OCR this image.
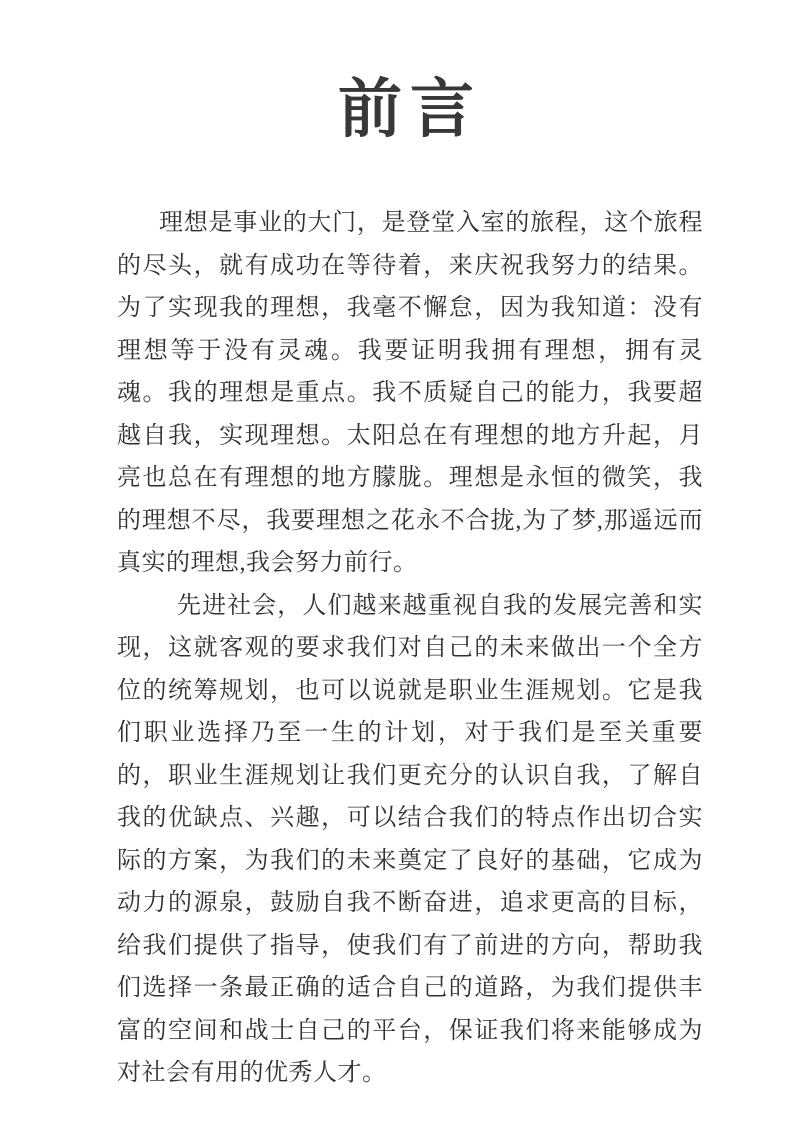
前言

理想是事业的大门，是登堂入室的旅程，这个旅程的尽头，就有成功在等待着，来庆祝我努力的结果。为了实现我的理想，我毫不懈怠，因为我知道：没有理想等于没有灵魂。我要证明我拥有理想，拥有灵魂。我的理想是重点。我不质疑自己的能力，我要超越自我，实现理想。太阳总在有理想的地方升起，月亮也总在有理想的地方朦胧。理想是永恒的微笑，我的理想不尽，我要理想之花永不合拢,为了梦,那遥远而真实的理想,我会努力前行。

先进社会，人们越来越重视自我的发展完善和实现，这就客观的要求我们对自己的未来做出一个全方位的统筹规划，也可以说就是职业生涯规划。它是我们职业选择乃至一生的计划，对于我们是至关重要的，职业生涯规划让我们更充分的认识自我，了解自我的优缺点、兴趣，可以结合我们的特点作出切合实际的方案，为我们的未来奠定了良好的基础，它成为动力的源泉，鼓励自我不断奋进，追求更高的目标，给我们提供了指导，使我们有了前进的方向，帮助我们选择一条最正确的适合自己的道路，为我们提供丰富的空间和战士自己的平台，保证我们将来能够成为对社会有用的优秀人才。
